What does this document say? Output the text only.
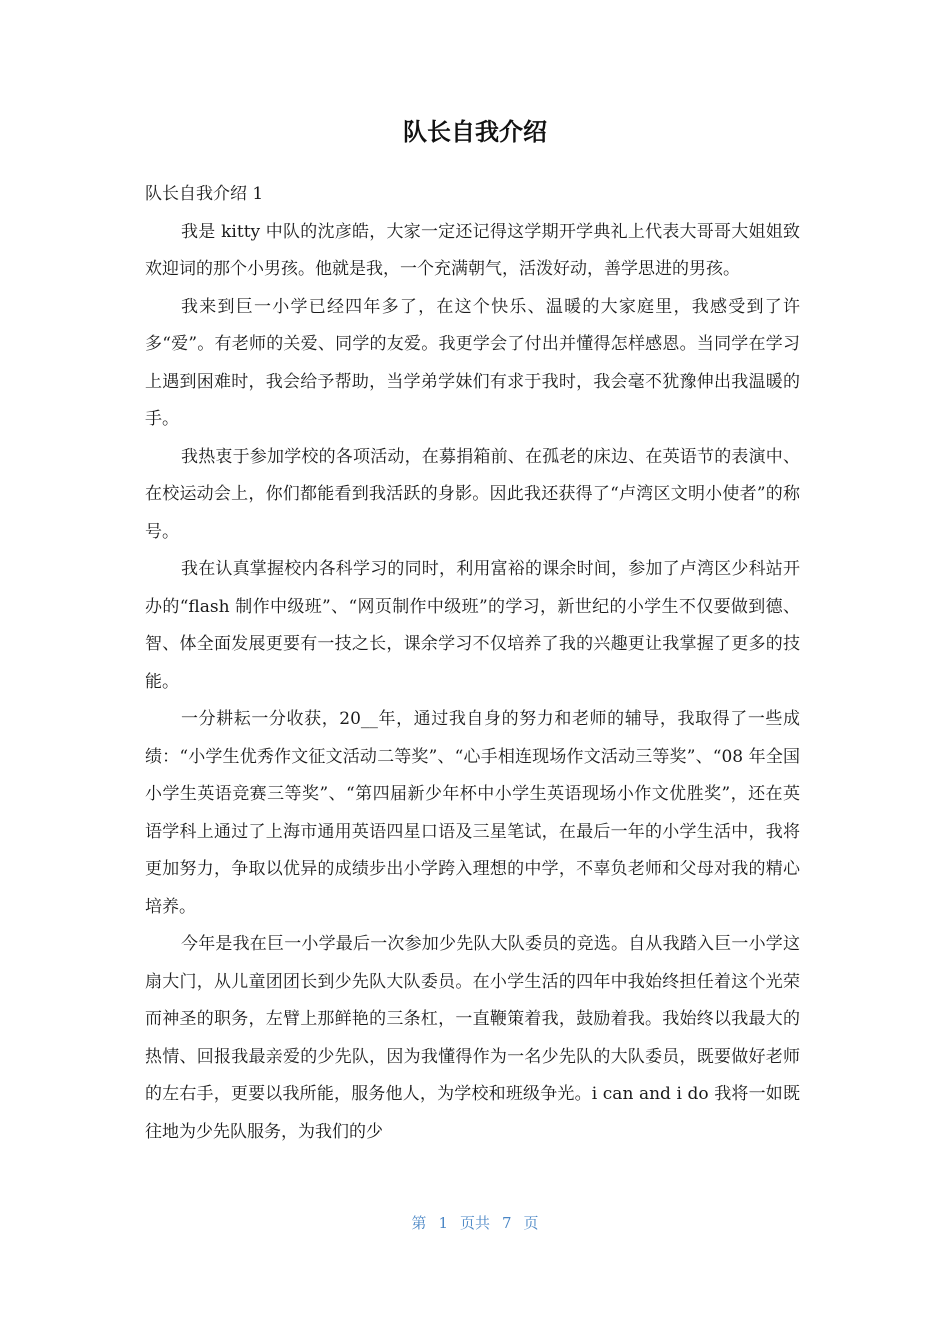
队长自我介绍

队长自我介绍 1

我是 kitty 中队的沈彦皓，大家一定还记得这学期开学典礼上代表大哥哥大姐姐致欢迎词的那个小男孩。他就是我，一个充满朝气，活泼好动，善学思进的男孩。

我来到巨一小学已经四年多了，在这个快乐、温暖的大家庭里，我感受到了许多“爱”。有老师的关爱、同学的友爱。我更学会了付出并懂得怎样感恩。当同学在学习上遇到困难时，我会给予帮助，当学弟学妹们有求于我时，我会毫不犹豫伸出我温暖的手。

我热衷于参加学校的各项活动，在募捐箱前、在孤老的床边、在英语节的表演中、在校运动会上，你们都能看到我活跃的身影。因此我还获得了“卢湾区文明小使者”的称号。

我在认真掌握校内各科学习的同时，利用富裕的课余时间，参加了卢湾区少科站开办的“flash 制作中级班”、“网页制作中级班”的学习，新世纪的小学生不仅要做到德、智、体全面发展更要有一技之长，课余学习不仅培养了我的兴趣更让我掌握了更多的技能。

一分耕耘一分收获，20__年，通过我自身的努力和老师的辅导，我取得了一些成绩：“小学生优秀作文征文活动二等奖”、“心手相连现场作文活动三等奖”、“08 年全国小学生英语竞赛三等奖”、“第四届新少年杯中小学生英语现场小作文优胜奖”，还在英语学科上通过了上海市通用英语四星口语及三星笔试，在最后一年的小学生活中，我将更加努力，争取以优异的成绩步出小学跨入理想的中学，不辜负老师和父母对我的精心培养。

今年是我在巨一小学最后一次参加少先队大队委员的竞选。自从我踏入巨一小学这扇大门，从儿童团团长到少先队大队委员。在小学生活的四年中我始终担任着这个光荣而神圣的职务，左臂上那鲜艳的三条杠，一直鞭策着我，鼓励着我。我始终以我最大的热情、回报我最亲爱的少先队，因为我懂得作为一名少先队的大队委员，既要做好老师的左右手，更要以我所能，服务他人，为学校和班级争光。i can and i do 我将一如既往地为少先队服务，为我们的少

第 1 页共 7 页
